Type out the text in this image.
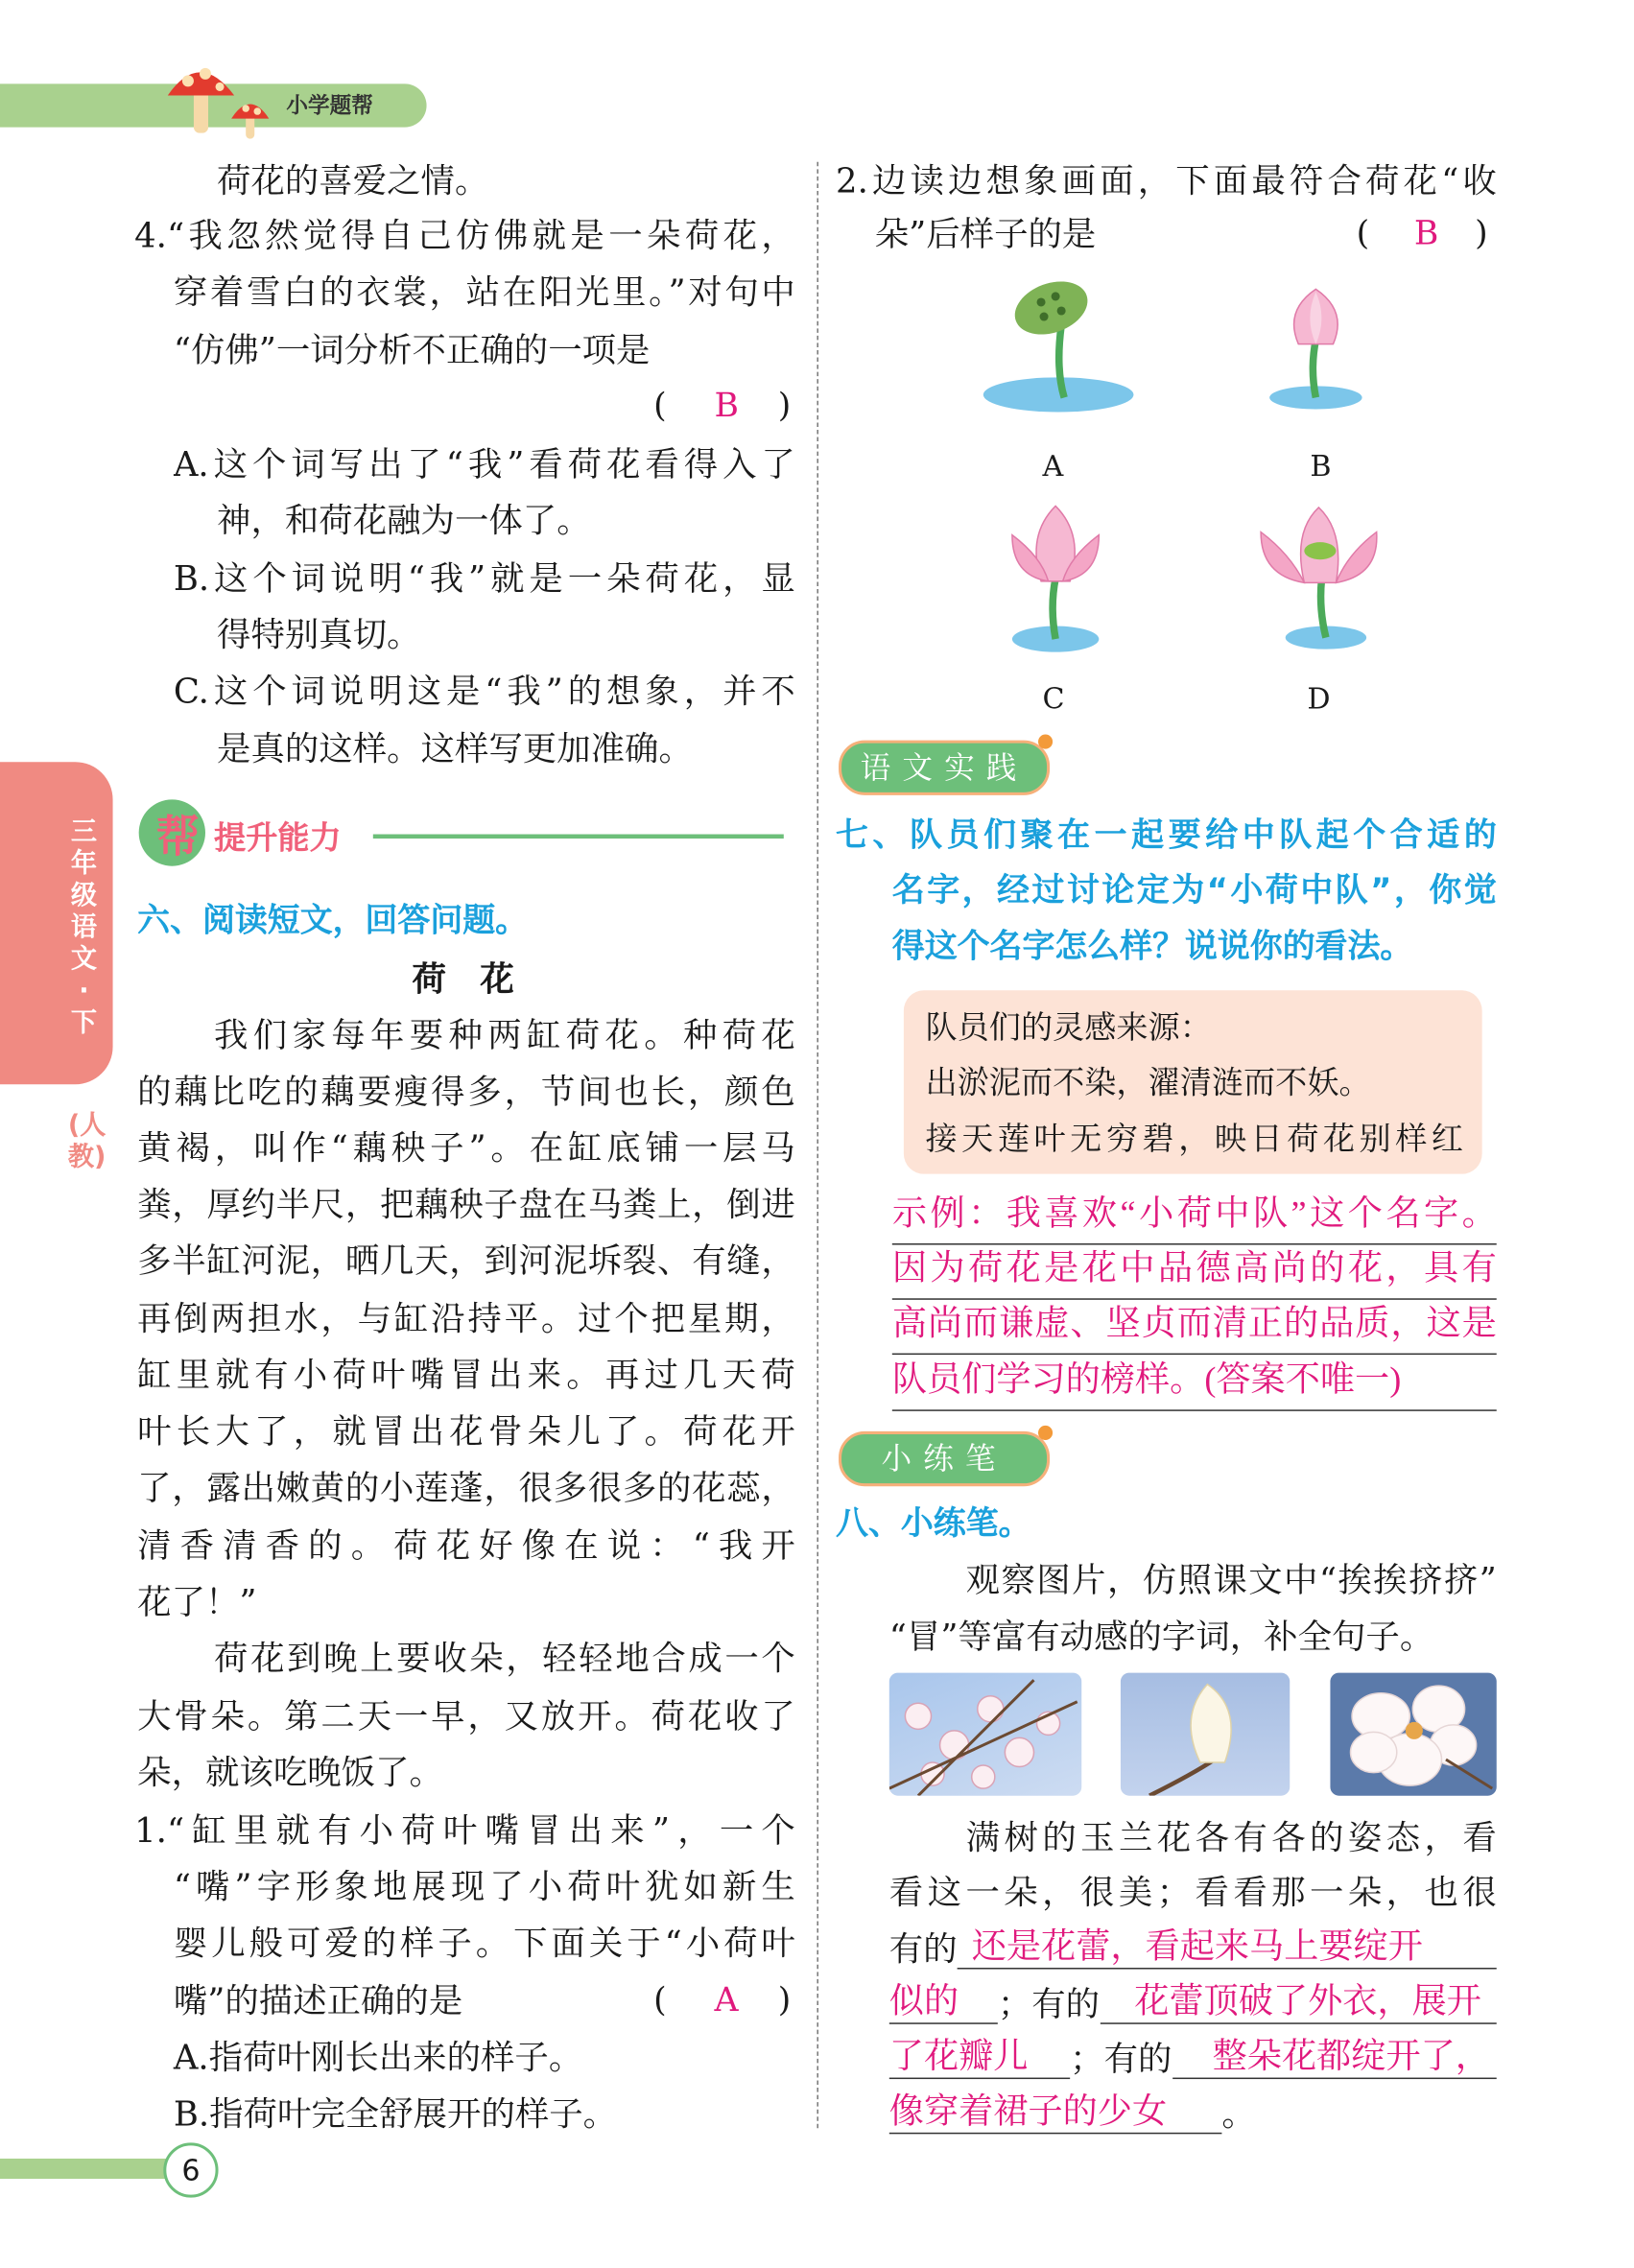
小学题帮
三年级语文·下
(人教)
荷花的喜爱之情。
4.“我忽然觉得自己仿佛就是一朵荷花，
穿着雪白的衣裳，站在阳光里。”对句中
“仿佛”一词分析不正确的一项是
( B )
A.这个词写出了“我”看荷花看得入了
神，和荷花融为一体了。
B.这个词说明“我”就是一朵荷花，显
得特别真切。
C.这个词说明这是“我”的想象，并不
是真的这样。这样写更加准确。
帮 提升能力
六、阅读短文，回答问题。
荷　花
我们家每年要种两缸荷花。种荷花
的藕比吃的藕要瘦得多，节间也长，颜色
黄褐，叫作“藕秧子”。在缸底铺一层马
粪，厚约半尺，把藕秧子盘在马粪上，倒进
多半缸河泥，晒几天，到河泥坼裂、有缝，
再倒两担水，与缸沿持平。过个把星期，
缸里就有小荷叶嘴冒出来。再过几天荷
叶长大了，就冒出花骨朵儿了。荷花开
了，露出嫩黄的小莲蓬，很多很多的花蕊，
清香清香的。荷花好像在说：“我开
花了！”
荷花到晚上要收朵，轻轻地合成一个
大骨朵。第二天一早，又放开。荷花收了
朵，就该吃晚饭了。
1.“缸里就有小荷叶嘴冒出来”，一个
“嘴”字形象地展现了小荷叶犹如新生
婴儿般可爱的样子。下面关于“小荷叶
嘴”的描述正确的是	( A )
A.指荷叶刚长出来的样子。
B.指荷叶完全舒展开的样子。
6
2.边读边想象画面，下面最符合荷花“收
朵”后样子的是	( B )
A	B
C	D
语文实践
七、队员们聚在一起要给中队起个合适的
名字，经过讨论定为“小荷中队”，你觉
得这个名字怎么样？说说你的看法。
队员们的灵感来源：
出淤泥而不染，濯清涟而不妖。
接天莲叶无穷碧，映日荷花别样红
示例：我喜欢“小荷中队”这个名字。
因为荷花是花中品德高尚的花，具有
高尚而谦虚、坚贞而清正的品质，这是
队员们学习的榜样。(答案不唯一)
小练笔
八、小练笔。
观察图片，仿照课文中“挨挨挤挤”
“冒”等富有动感的字词，补全句子。
满树的玉兰花各有各的姿态，看
看这一朵，很美；看看那一朵，也很
有的 还是花蕾，看起来马上要绽开
似的	；有的	花蕾顶破了外衣，展开
了花瓣儿	；有的	整朵花都绽开了，
像穿着裙子的少女	。
